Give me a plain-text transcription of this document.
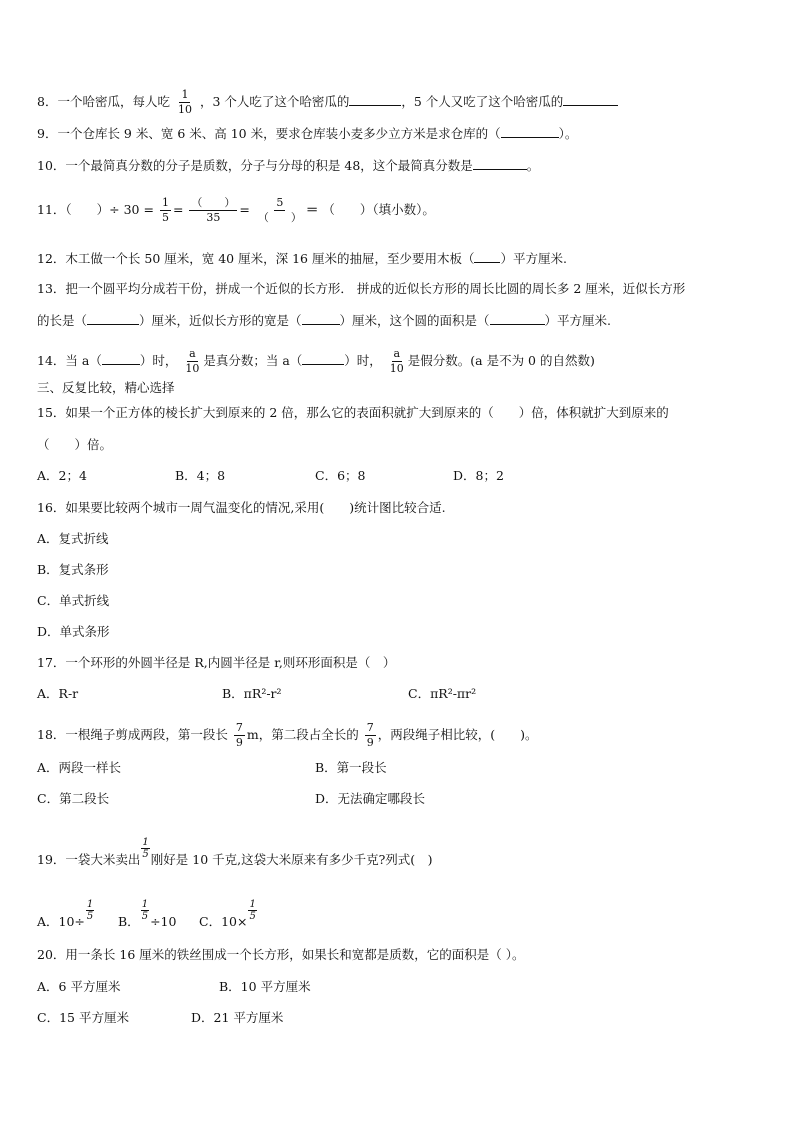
8．一个哈密瓜，每人吃 $\frac{1}{10}$ ，3 个人吃了这个哈密瓜的	，5 个人又吃了这个哈密瓜的
9．一个仓库长 9 米、宽 6 米、高 10 米，要求仓库装小麦多少立方米是求仓库的（	）。
10．一个最简真分数的分子是质数，分子与分母的积是 48，这个最简真分数是	。
11．（　　）÷ $30 = \frac{1}{5}$ = （　　）
35
= 5
（　　）
＝ （　　）（填小数）。
12．木工做一个长 50 厘米，宽 40 厘米，深 16 厘米的抽屉，至少要用木板（ ）平方厘米.
13．把一个圆平均分成若干份，拼成一个近似的长方形． 拼成的近似长方形的周长比圆的周长多 2 厘米，近似长方形
的长是（	）厘米，近似长方形的宽是（	）厘米，这个圆的面积是（	）平方厘米.
14．当 a（	）时， $\frac{a}{10}$ 是真分数；当 a（	）时， $\frac{a}{10}$ 是假分数。(a 是不为 0 的自然数)
三、反复比较，精心选择
15．如果一个正方体的棱长扩大到原来的 2 倍，那么它的表面积就扩大到原来的（　　）倍，体积就扩大到原来的
（　　）倍。
A．2；4	B．4；8	C．6；8	D．8；2
16．如果要比较两个城市一周气温变化的情况,采用(　　)统计图比较合适.
A．复式折线
B．复式条形
C．单式折线
D．单式条形
17．一个环形的外圆半径是 R,内圆半径是 r,则环形面积是（　）
A．R-r	B．πR²-r²	C．πR²-πr²
18．一根绳子剪成两段，第一段长 $\frac{7}{9}$ m，第二段占全长的 $\frac{7}{9}$ ，两段绳子相比较，(　　)。
A．两段一样长	B．第一段长
C．第二段长	D．无法确定哪段长
19．一袋大米卖出 $\frac{1}{5}$ 刚好是 10 千克,这袋大米原来有多少千克?列式(　)
A．$10\div \frac{1}{5}$ B． $\frac{1}{5} \div 10$ C．$10\times \frac{1}{5}$
20．用一条长 16 厘米的铁丝围成一个长方形，如果长和宽都是质数，它的面积是（ ）。
A．6 平方厘米	B．10 平方厘米
C．15 平方厘米	D．21 平方厘米
